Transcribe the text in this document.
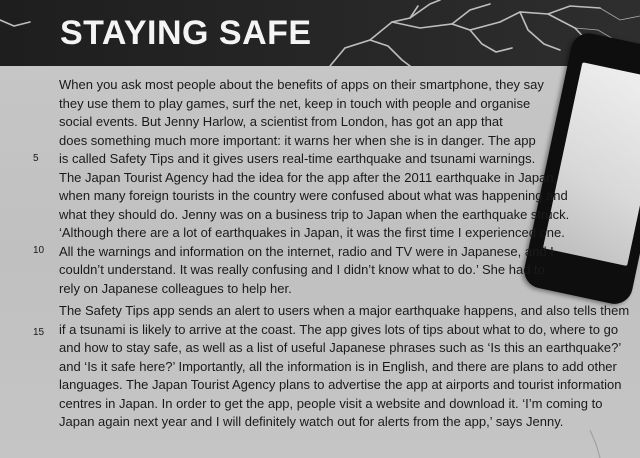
STAYING SAFE
When you ask most people about the benefits of apps on their smartphone, they say
they use them to play games, surf the net, keep in touch with people and organise
social events. But Jenny Harlow, a scientist from London, has got an app that
does something much more important: it warns her when she is in danger. The app
is called Safety Tips and it gives users real-time earthquake and tsunami warnings.
The Japan Tourist Agency had the idea for the app after the 2011 earthquake in Japan,
when many foreign tourists in the country were confused about what was happening and
what they should do. Jenny was on a business trip to Japan when the earthquake struck.
‘Although there are a lot of earthquakes in Japan, it was the first time I experienced one.
All the warnings and information on the internet, radio and TV were in Japanese, and I
couldn’t understand. It was really confusing and I didn’t know what to do.’ She had to
rely on Japanese colleagues to help her.
The Safety Tips app sends an alert to users when a major earthquake happens, and also tells them
if a tsunami is likely to arrive at the coast. The app gives lots of tips about what to do, where to go
and how to stay safe, as well as a list of useful Japanese phrases such as ‘Is this an earthquake?’
and ‘Is it safe here?’ Importantly, all the information is in English, and there are plans to add other
languages. The Japan Tourist Agency plans to advertise the app at airports and tourist information
centres in Japan. In order to get the app, people visit a website and download it. ‘I’m coming to
Japan again next year and I will definitely watch out for alerts from the app,’ says Jenny.
5
10
15
